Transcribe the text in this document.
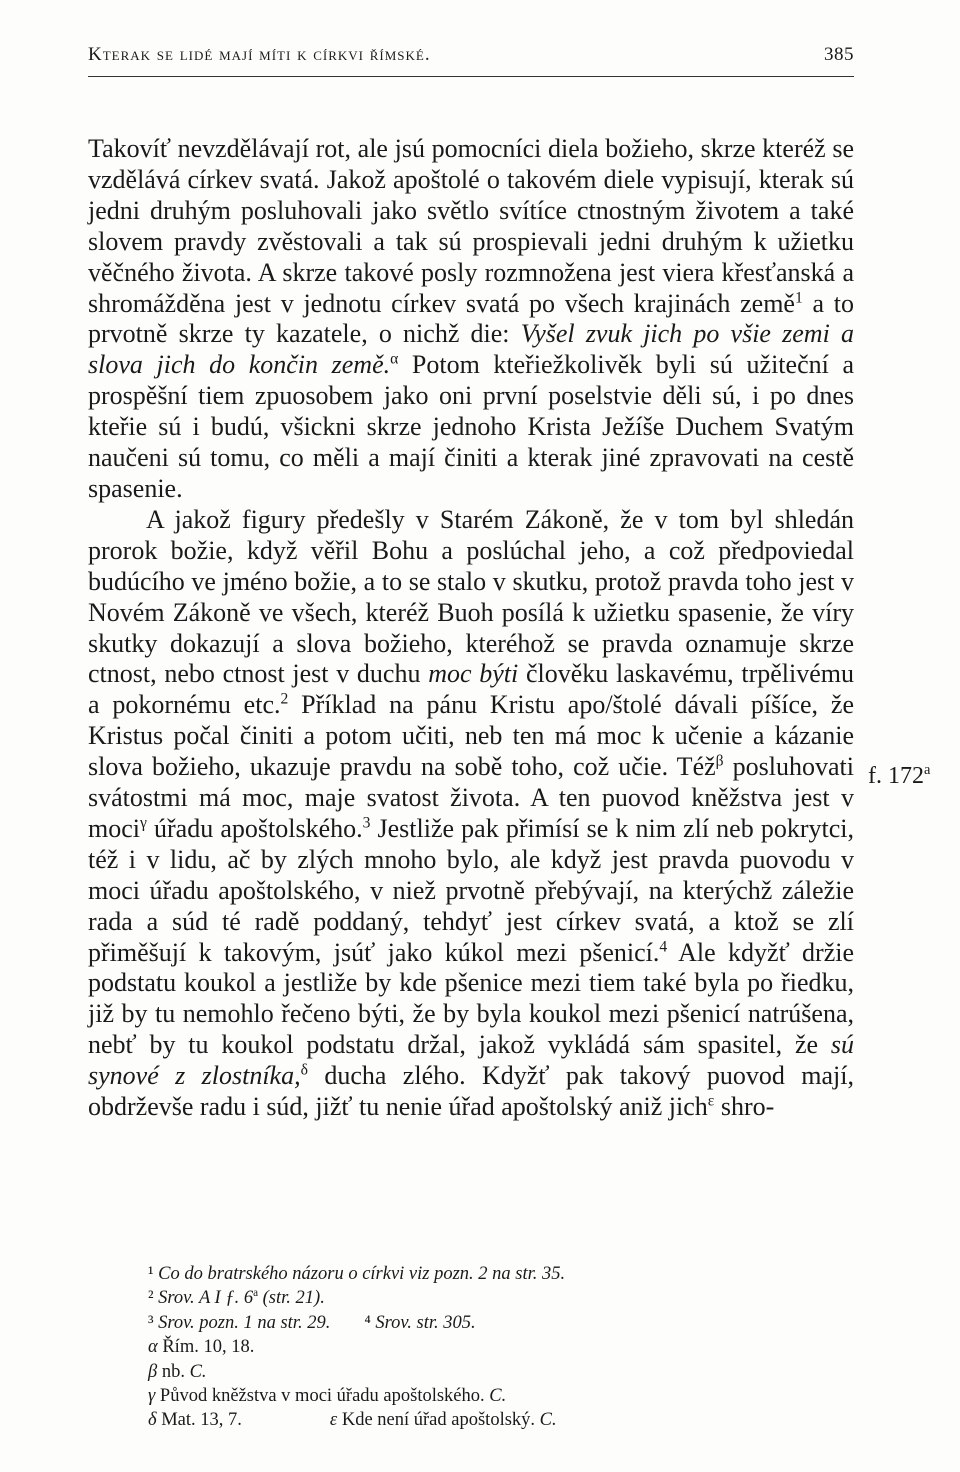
Kterak se lidé mají míti k církvi římské.	385

Takovíť nevzdělávají rot, ale jsú pomocníci diela božieho, skrze kteréž se vzdělává církev svatá. Jakož apoštolé o takovém diele vypisují, kterak sú jedni druhým posluhovali jako světlo svítíce ctnostným životem a také slovem pravdy zvěstovali a tak sú prospievali jedni druhým k užietku věčného života. A skrze takové posly rozmnožena jest viera křesťanská a shromážděna jest v jednotu církev svatá po všech krajinách země$^1$ a to prvotně skrze ty kazatele, o nichž die: Vyšel zvuk jich po všie zemi a slova jich do končin země.$^\alpha$ Potom kteřiežkolivěk byli sú užiteční a prospěšní tiem zpuosobem jako oni první poselstvie děli sú, i po dnes kteřie sú i budú, všickni skrze jednoho Krista Ježíše Duchem Svatým naučeni sú tomu, co měli a mají činiti a kterak jiné zpravovati na cestě spasenie.

A jakož figury předešly v Starém Zákoně, že v tom byl shledán prorok božie, když věřil Bohu a poslúchal jeho, a což předpoviedal budúcího ve jméno božie, a to se stalo v skutku, protož pravda toho jest v Novém Zákoně ve všech, kteréž Buoh posílá k užietku spasenie, že víry skutky dokazují a slova božieho, kteréhož se pravda oznamuje skrze ctnost, nebo ctnost jest v duchu moc býti člověku laskavému, trpělivému a pokornému etc.$^2$ Příklad na pánu Kristu apo/štolé dávali píšíce, že Kristus počal činiti a potom učiti, neb ten má moc k učenie a kázanie slova božieho, ukazuje pravdu na sobě toho, což učie. Též$^\beta$ posluhovati svátostmi má moc, maje svatost života. A ten puovod kněžstva jest v moci$^\gamma$ úřadu apoštolského.$^3$ Jestližе pak přimísí se k nim zlí neb pokrytci, též i v lidu, ač by zlých mnoho bylo, ale když jest pravda puovodu v moci úřadu apoštolského, v niež prvotně přebývají, na kterýchž záležie rada a súd té radě poddaný, tehdyť jest církev svatá, a ktož se zlí přiměšují k takovým, jsúť jako kúkol mezi pšenicí.$^4$ Ale kdyžť držie podstatu koukol a jestliže by kde pšenice mezi tiem také byla po řiedku, již by tu nemohlo řečeno býti, že by byla koukol mezi pšenicí natrúšena, nebť by tu koukol podstatu držal, jakož vykládá sám spasitel, že sú synové z zlostníka,$^\delta$ ducha zlého. Kdyžť pak takový puovod mají, obdrževše radu i súd, jižť tu nenie úřad apoštolský aniž jich$^\varepsilon$ shro-

f. 172$^a$
¹ Co do bratrského názoru o církvi viz pozn. 2 na str. 35.
² Srov. A I ƒ. 6$^a$ (str. 21).
³ Srov. pozn. 1 na str. 29. ⁴ Srov. str. 305.
α Řím. 10, 18.
β nb. C.
γ Původ kněžstva v moci úřadu apoštolského. C.
δ Mat. 13, 7.	ε Kde není úřad apoštolský. C.
